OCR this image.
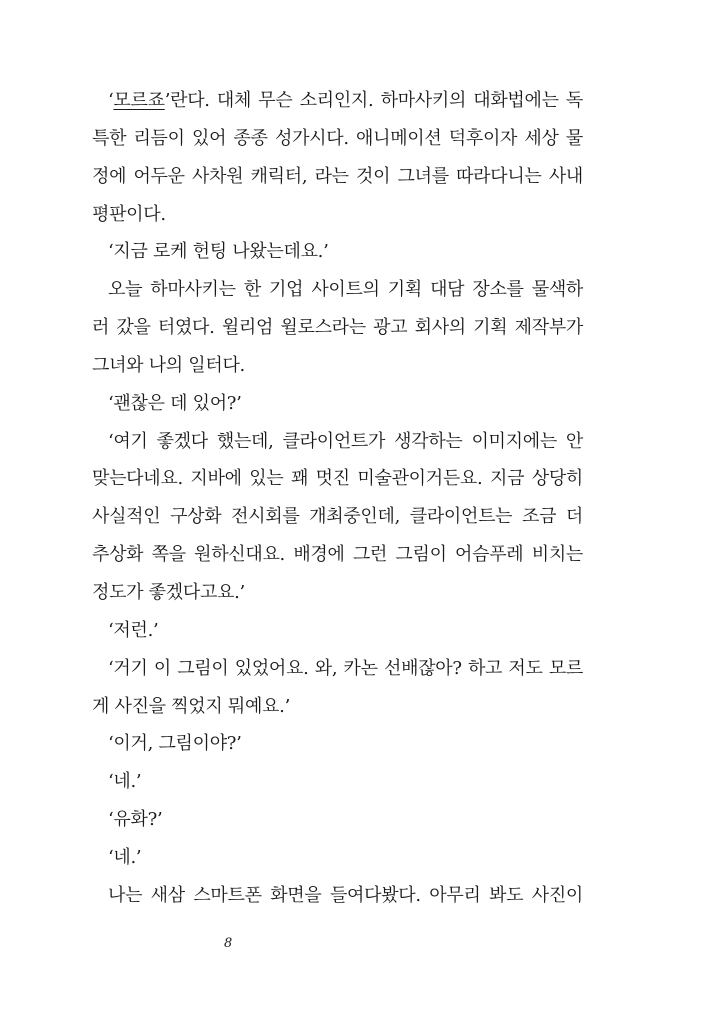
‘모르죠’란다. 대체 무슨 소리인지. 하마사키의 대화법에는 독
특한 리듬이 있어 종종 성가시다. 애니메이션 덕후이자 세상 물
정에 어두운 사차원 캐릭터, 라는 것이 그녀를 따라다니는 사내
평판이다.
‘지금 로케 헌팅 나왔는데요.’
오늘 하마사키는 한 기업 사이트의 기획 대담 장소를 물색하
러 갔을 터였다. 윌리엄 윌로스라는 광고 회사의 기획 제작부가
그녀와 나의 일터다.
‘괜찮은 데 있어?’
‘여기 좋겠다 했는데, 클라이언트가 생각하는 이미지에는 안
맞는다네요. 지바에 있는 꽤 멋진 미술관이거든요. 지금 상당히
사실적인 구상화 전시회를 개최중인데, 클라이언트는 조금 더
추상화 쪽을 원하신대요. 배경에 그런 그림이 어슴푸레 비치는
정도가 좋겠다고요.’
‘저런.’
‘거기 이 그림이 있었어요. 와, 카논 선배잖아? 하고 저도 모르
게 사진을 찍었지 뭐예요.’
‘이거, 그림이야?’
‘네.’
‘유화?’
‘네.’
나는 새삼 스마트폰 화면을 들여다봤다. 아무리 봐도 사진이
8
